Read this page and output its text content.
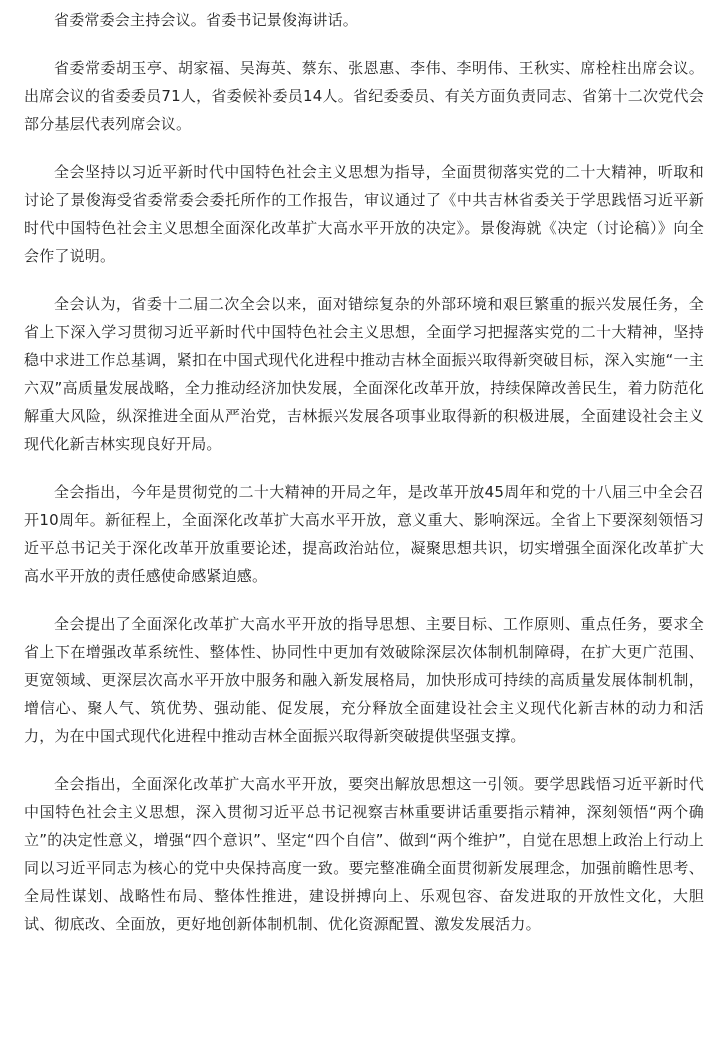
省委常委会主持会议。省委书记景俊海讲话。

省委常委胡玉亭、胡家福、吴海英、蔡东、张恩惠、李伟、李明伟、王秋实、席栓柱出席会议。出席会议的省委委员71人，省委候补委员14人。省纪委委员、有关方面负责同志、省第十二次党代会部分基层代表列席会议。

全会坚持以习近平新时代中国特色社会主义思想为指导，全面贯彻落实党的二十大精神，听取和讨论了景俊海受省委常委会委托所作的工作报告，审议通过了《中共吉林省委关于学思践悟习近平新时代中国特色社会主义思想全面深化改革扩大高水平开放的决定》。景俊海就《决定（讨论稿）》向全会作了说明。

全会认为，省委十二届二次全会以来，面对错综复杂的外部环境和艰巨繁重的振兴发展任务，全省上下深入学习贯彻习近平新时代中国特色社会主义思想，全面学习把握落实党的二十大精神，坚持稳中求进工作总基调，紧扣在中国式现代化进程中推动吉林全面振兴取得新突破目标，深入实施“一主六双”高质量发展战略，全力推动经济加快发展，全面深化改革开放，持续保障改善民生，着力防范化解重大风险，纵深推进全面从严治党，吉林振兴发展各项事业取得新的积极进展，全面建设社会主义现代化新吉林实现良好开局。

全会指出，今年是贯彻党的二十大精神的开局之年，是改革开放45周年和党的十八届三中全会召开10周年。新征程上，全面深化改革扩大高水平开放，意义重大、影响深远。全省上下要深刻领悟习近平总书记关于深化改革开放重要论述，提高政治站位，凝聚思想共识，切实增强全面深化改革扩大高水平开放的责任感使命感紧迫感。

全会提出了全面深化改革扩大高水平开放的指导思想、主要目标、工作原则、重点任务，要求全省上下在增强改革系统性、整体性、协同性中更加有效破除深层次体制机制障碍，在扩大更广范围、更宽领域、更深层次高水平开放中服务和融入新发展格局，加快形成可持续的高质量发展体制机制，增信心、聚人气、筑优势、强动能、促发展，充分释放全面建设社会主义现代化新吉林的动力和活力，为在中国式现代化进程中推动吉林全面振兴取得新突破提供坚强支撑。

全会指出，全面深化改革扩大高水平开放，要突出解放思想这一引领。要学思践悟习近平新时代中国特色社会主义思想，深入贯彻习近平总书记视察吉林重要讲话重要指示精神，深刻领悟“两个确立”的决定性意义，增强“四个意识”、坚定“四个自信”、做到“两个维护”，自觉在思想上政治上行动上同以习近平同志为核心的党中央保持高度一致。要完整准确全面贯彻新发展理念，加强前瞻性思考、全局性谋划、战略性布局、整体性推进，建设拼搏向上、乐观包容、奋发进取的开放性文化，大胆试、彻底改、全面放，更好地创新体制机制、优化资源配置、激发发展活力。
